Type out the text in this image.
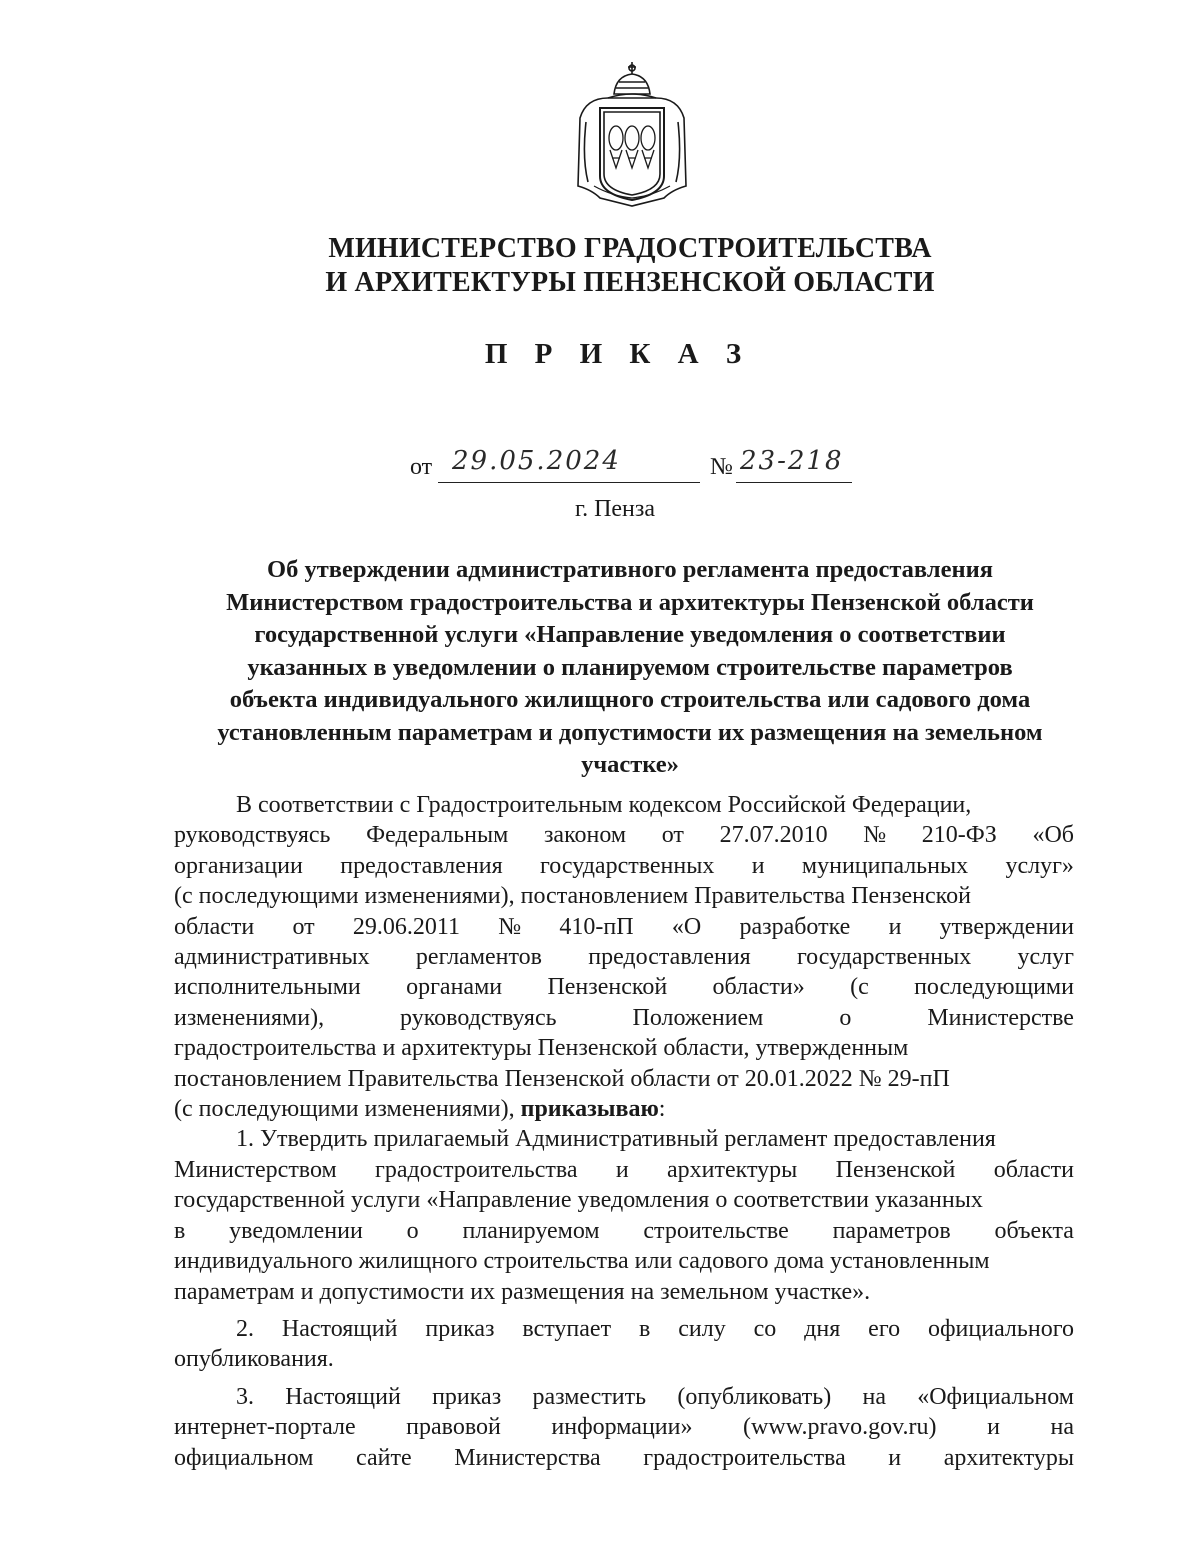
МИНИСТЕРСТВО ГРАДОСТРОИТЕЛЬСТВА
И АРХИТЕКТУРЫ ПЕНЗЕНСКОЙ ОБЛАСТИ
П Р И К А З
от 29.05.2024	№ 23-218
г. Пенза
Об утверждении административного регламента предоставления
Министерством градостроительства и архитектуры Пензенской области
государственной услуги «Направление уведомления о соответствии
указанных в уведомлении о планируемом строительстве параметров
объекта индивидуального жилищного строительства или садового дома
установленным параметрам и допустимости их размещения на земельном
участке»
В соответствии с Градостроительным кодексом Российской Федерации,
руководствуясь Федеральным законом от 27.07.2010 № 210-ФЗ «Об
организации предоставления государственных и муниципальных услуг»
(с последующими изменениями), постановлением Правительства Пензенской
области от 29.06.2011 № 410-пП «О разработке и утверждении
административных регламентов предоставления государственных услуг
исполнительными органами Пензенской области» (с последующими
изменениями),	руководствуясь	Положением	о	Министерстве
градостроительства и архитектуры Пензенской области, утвержденным
постановлением Правительства Пензенской области от 20.01.2022 № 29-пП
(с последующими изменениями), приказываю:
1. Утвердить прилагаемый Административный регламент предоставления
Министерством градостроительства и архитектуры Пензенской области
государственной услуги «Направление уведомления о соответствии указанных
в уведомлении о планируемом строительстве параметров объекта
индивидуального жилищного строительства или садового дома установленным
параметрам и допустимости их размещения на земельном участке».
2. Настоящий приказ вступает в силу со дня его официального
опубликования.
3. Настоящий приказ разместить (опубликовать) на «Официальном
интернет-портале правовой информации» (www.pravo.gov.ru) и на
официальном сайте Министерства градостроительства и архитектуры
